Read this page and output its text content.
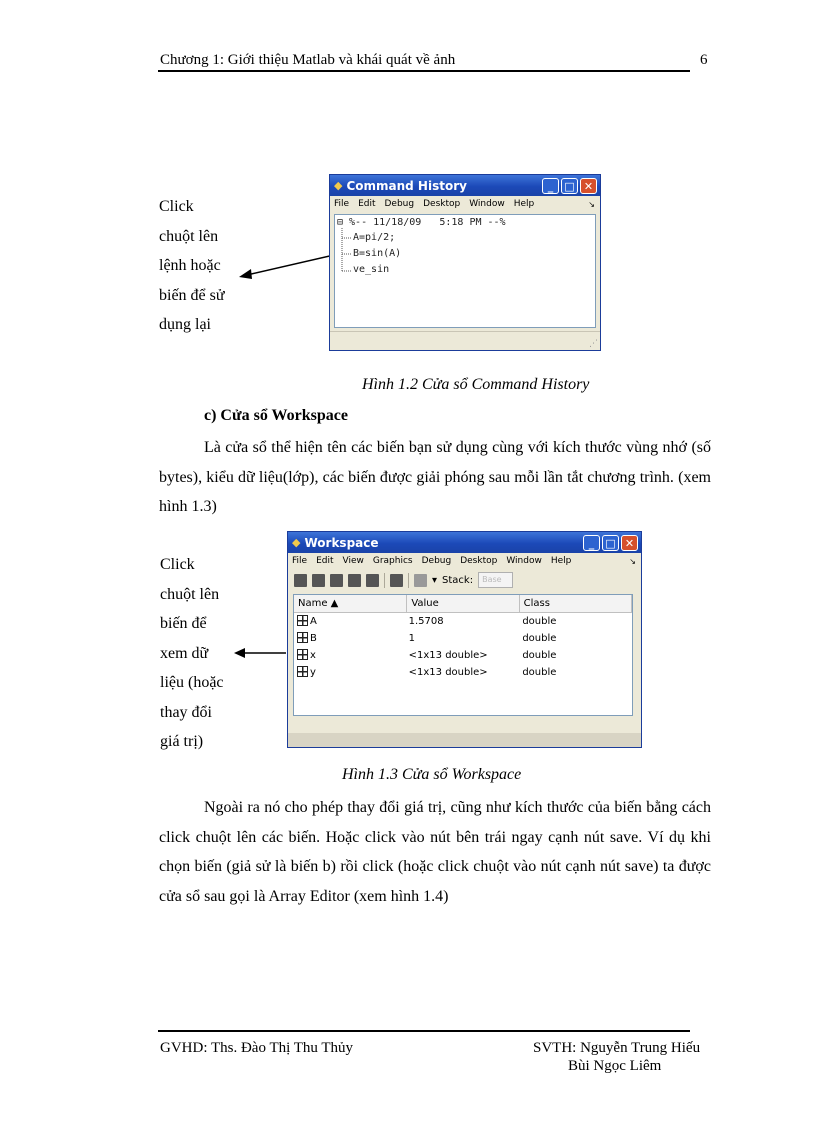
Chương 1: Giới thiệu Matlab và khái quát về ảnh	6
Click
chuột lên
lệnh hoặc
biến để sử
dụng lại
◆ Command History	_	□ ✕
File Edit Debug Desktop Window Help	↘
⊟ %-- 11/18/09   5:18 PM --%
A=pi/2;
B=sin(A)
ve_sin
⋰
Hình 1.2 Cửa sổ Command History
c) Cửa sổ Workspace

Là cửa sổ thể hiện tên các biến bạn sử dụng cùng với kích thước vùng nhớ (số bytes), kiểu dữ liệu(lớp), các biến được giải phóng sau mỗi lần tắt chương trình. (xem hình 1.3)

Click
chuột lên
biến để
xem dữ
liệu (hoặc
thay đổi
giá trị)
◆ Workspace	_	□ ✕
File Edit View Graphics Debug Desktop Window Help	↘
▾ Stack:	Base
Name ▲	Value	Class
A	1.5708	double
B	1	double
x	<1x13 double>	double
y	<1x13 double>	double
Hình 1.3 Cửa sổ Workspace

Ngoài ra nó cho phép thay đổi giá trị, cũng như kích thước của biến bằng cách click chuột lên các biến. Hoặc click vào nút bên trái ngay cạnh nút save. Ví dụ khi chọn biến (giả sử là biến b) rồi click (hoặc click chuột vào nút cạnh nút save) ta được cửa sổ sau gọi là Array Editor (xem hình 1.4)

GVHD: Ths. Đào Thị Thu Thủy	SVTH: Nguyễn Trung Hiếu
Bùi Ngọc Liêm
